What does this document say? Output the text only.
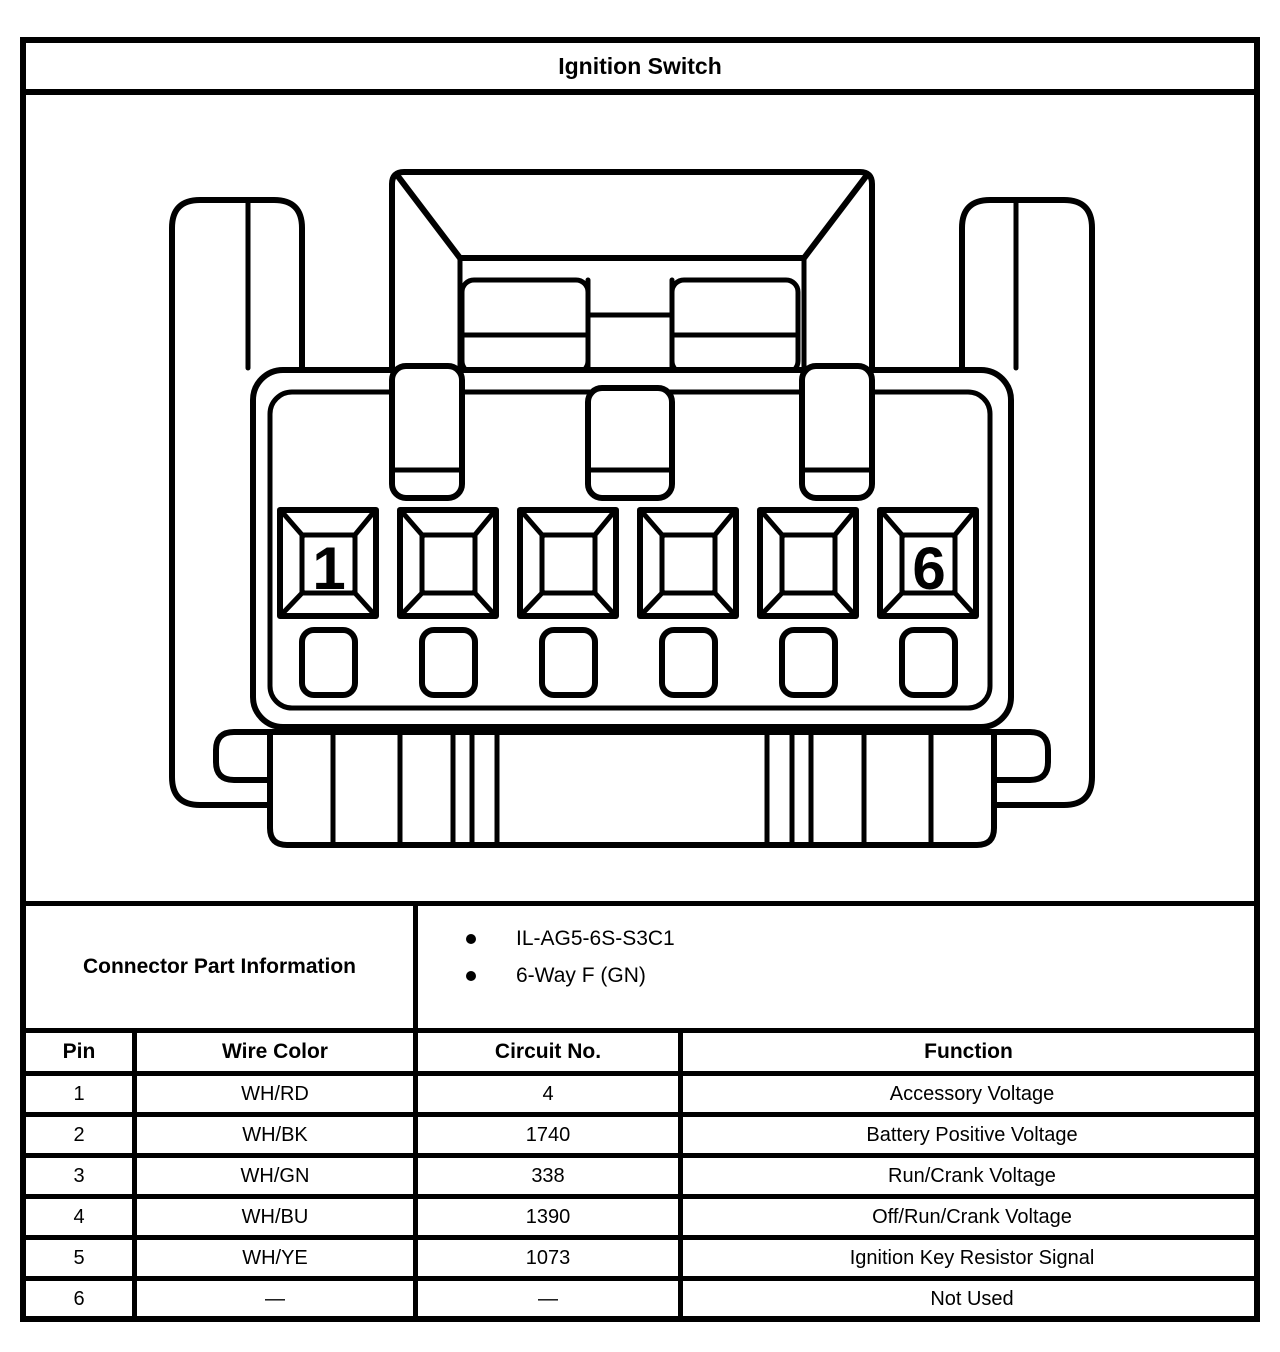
Ignition Switch
1	6
Connector Part Information
IL-AG5-6S-S3C1
6-Way F (GN)
Pin	Wire Color	Circuit No.	Function
1	WH/RD	4	Accessory Voltage
2	WH/BK	1740	Battery Positive Voltage
3	WH/GN	338	Run/Crank Voltage
4	WH/BU	1390	Off/Run/Crank Voltage
5	WH/YE	1073	Ignition Key Resistor Signal
6	—	—	Not Used
